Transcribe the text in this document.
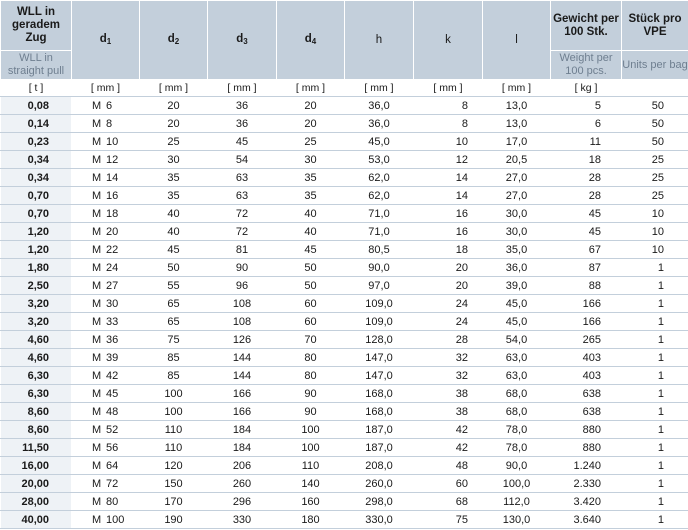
WLL in geradem Zug	$d_1$	$d_2$	$d_3$	$d_4$	h	k	l	Gewicht per 100 Stk.	Stück pro VPE
WLL in straight pull								Weight per 100 pcs.	Units per bag
[ t ]	[ mm ]	[ mm ]	[ mm ]	[ mm ]	[ mm ]	[ mm ]	[ mm ]	[ kg ]	
0,08	M 6	20	36	20	36,0	8	13,0	5	50
0,14	M 8	20	36	20	36,0	8	13,0	6	50
0,23	M 10	25	45	25	45,0	10	17,0	11	50
0,34	M 12	30	54	30	53,0	12	20,5	18	25
0,34	M 14	35	63	35	62,0	14	27,0	28	25
0,70	M 16	35	63	35	62,0	14	27,0	28	25
0,70	M 18	40	72	40	71,0	16	30,0	45	10
1,20	M 20	40	72	40	71,0	16	30,0	45	10
1,20	M 22	45	81	45	80,5	18	35,0	67	10
1,80	M 24	50	90	50	90,0	20	36,0	87	1
2,50	M 27	55	96	50	97,0	20	39,0	88	1
3,20	M 30	65	108	60	109,0	24	45,0	166	1
3,20	M 33	65	108	60	109,0	24	45,0	166	1
4,60	M 36	75	126	70	128,0	28	54,0	265	1
4,60	M 39	85	144	80	147,0	32	63,0	403	1
6,30	M 42	85	144	80	147,0	32	63,0	403	1
6,30	M 45	100	166	90	168,0	38	68,0	638	1
8,60	M 48	100	166	90	168,0	38	68,0	638	1
8,60	M 52	110	184	100	187,0	42	78,0	880	1
11,50	M 56	110	184	100	187,0	42	78,0	880	1
16,00	M 64	120	206	110	208,0	48	90,0	1.240	1
20,00	M 72	150	260	140	260,0	60	100,0	2.330	1
28,00	M 80	170	296	160	298,0	68	112,0	3.420	1
40,00	M 100	190	330	180	330,0	75	130,0	3.640	1
